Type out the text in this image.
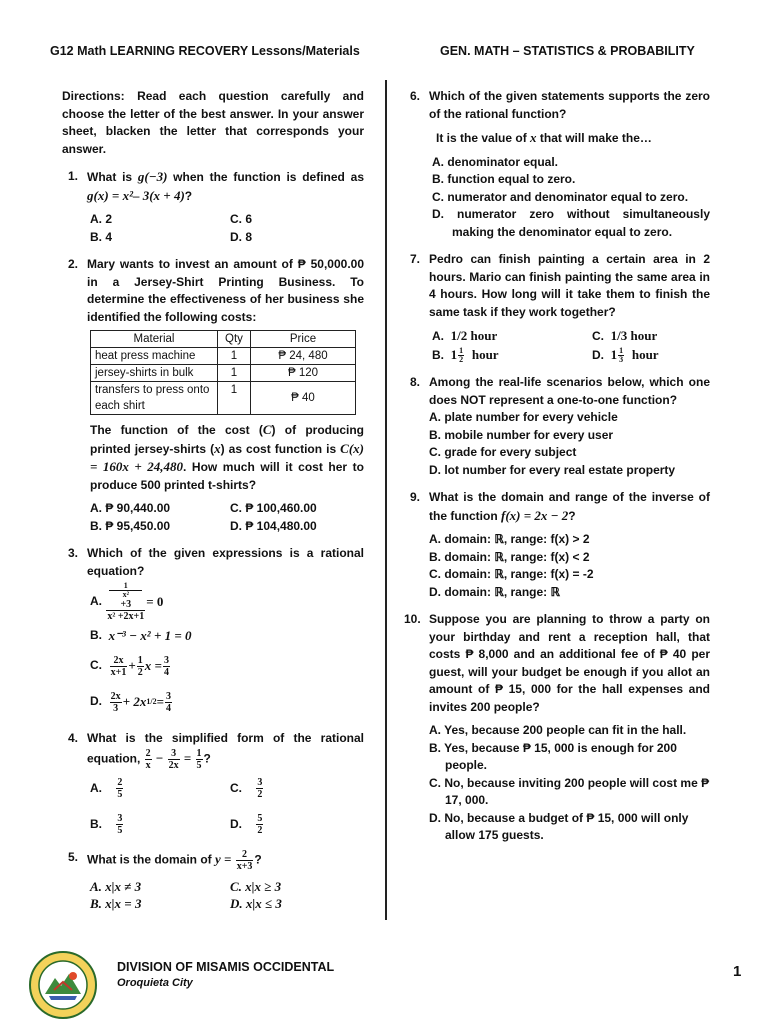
G12 Math LEARNING RECOVERY Lessons/Materials	GEN. MATH – STATISTICS & PROBABILITY

Directions: Read each question carefully and choose the letter of the best answer. In your answer sheet, blacken the letter that corresponds your answer.

1. What is g(−3) when the function is defined as g(x) = x²– 3(x + 4)?
A. 2	C. 6
B. 4	D. 8
2. Mary wants to invest an amount of ₱ 50,000.00 in a Jersey-Shirt Printing Business. To determine the effectiveness of her business she identified the following costs:
Material	Qty	Price
heat press machine	1	₱ 24, 480
jersey-shirts in bulk	1	₱ 120
transfers to press onto each shirt	1	₱ 40

The function of the cost (C) of producing printed jersey-shirts (x) as cost function is C(x) = 160x + 24,480. How much will it cost her to produce 500 printed t-shirts?

A. ₱ 90,440.00	C. ₱ 100,460.00
B. ₱ 95,450.00	D. ₱ 104,480.00
3. Which of the given expressions is a rational equation?
A.
1
x²
+3
x² +2x+1 = 0
B.
x⁻³ − x² + 1 = 0
C.
$\frac{2x}{x+1} + \frac{1}{2}$ $x = \frac{3}{4}$
D.
$\frac{2x}{3} + 2x$ $1/2 = \frac{3}{4}$
4. What is the simplified form of the rational equation, $\frac{2}{x} - \frac{3}{2x} = \frac{1}{5}$ ?
A.
$\frac{2}{5}$	C.
$\frac{3}{2}$
B.
$\frac{3}{5}$	D.
$\frac{5}{2}$
5. What is the domain of $y = \frac{2}{x+3}$ ?
A. x|x ≠ 3	C. x|x ≥ 3
B. x|x = 3	D. x|x ≤ 3
6. Which of the given statements supports the zero of the rational function?

It is the value of x that will make the…

A. denominator equal.

B. function equal to zero.

C. numerator and denominator equal to zero.

D. numerator zero without simultaneously making the denominator equal to zero.

7. Pedro can finish painting a certain area in 2 hours. Mario can finish painting the same area in 4 hours. How long will it take them to finish the same task if they work together?
A. 1/2 hour	C. 1/3 hour
B. $1 \frac{1}{2}$ hour	D. $1 \frac{1}{3}$ hour
8. Among the real-life scenarios below, which one does NOT represent a one-to-one function?

A. plate number for every vehicle

B. mobile number for every user

C. grade for every subject

D. lot number for every real estate property

9. What is the domain and range of the inverse of the function f(x) = 2x − 2?

A. domain: ℝ, range: f(x) > 2

B. domain: ℝ, range: f(x) < 2

C. domain: ℝ, range: f(x) = -2

D. domain: ℝ, range: ℝ

10. Suppose you are planning to throw a party on your birthday and rent a reception hall, that costs ₱ 8,000 and an additional fee of ₱ 40 per guest, will your budget be enough if you allot an amount of ₱ 15, 000 for the hall expenses and invites 200 people?

A. Yes, because 200 people can fit in the hall.

B. Yes, because ₱ 15, 000 is enough for 200 people.

C. No, because inviting 200 people will cost me ₱ 17, 000.

D. No, because a budget of ₱ 15, 000 will only allow 175 guests.

DIVISION OF MISAMIS OCCIDENTAL
Oroquieta City
1
